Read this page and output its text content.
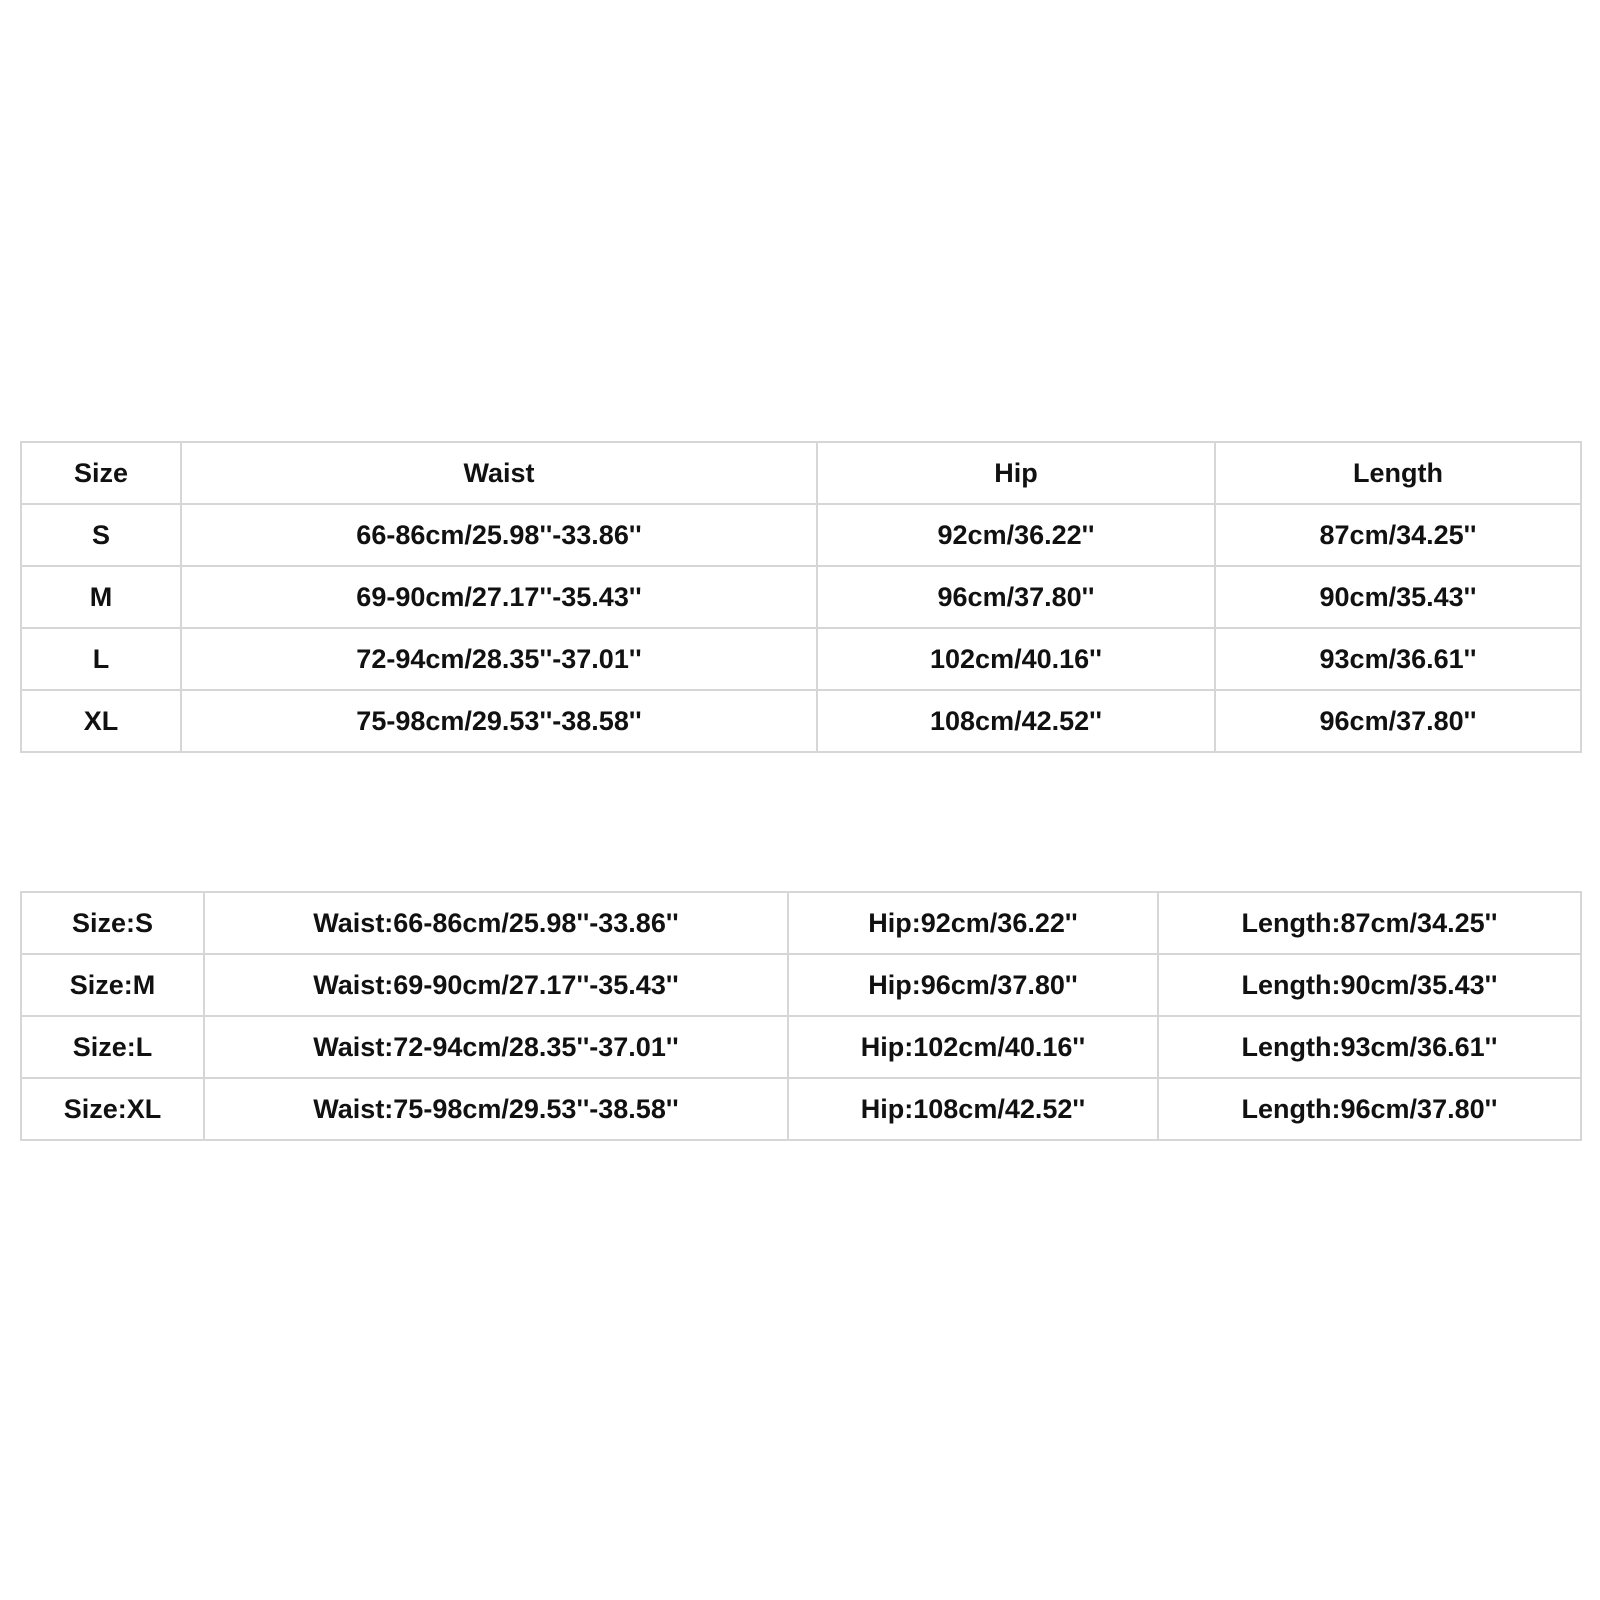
Size	Waist	Hip	Length
S	66-86cm/25.98''-33.86''	92cm/36.22''	87cm/34.25''
M	69-90cm/27.17''-35.43''	96cm/37.80''	90cm/35.43''
L	72-94cm/28.35''-37.01''	102cm/40.16''	93cm/36.61''
XL	75-98cm/29.53''-38.58''	108cm/42.52''	96cm/37.80''
Size:S	Waist:66-86cm/25.98''-33.86''	Hip:92cm/36.22''	Length:87cm/34.25''
Size:M	Waist:69-90cm/27.17''-35.43''	Hip:96cm/37.80''	Length:90cm/35.43''
Size:L	Waist:72-94cm/28.35''-37.01''	Hip:102cm/40.16''	Length:93cm/36.61''
Size:XL	Waist:75-98cm/29.53''-38.58''	Hip:108cm/42.52''	Length:96cm/37.80''
